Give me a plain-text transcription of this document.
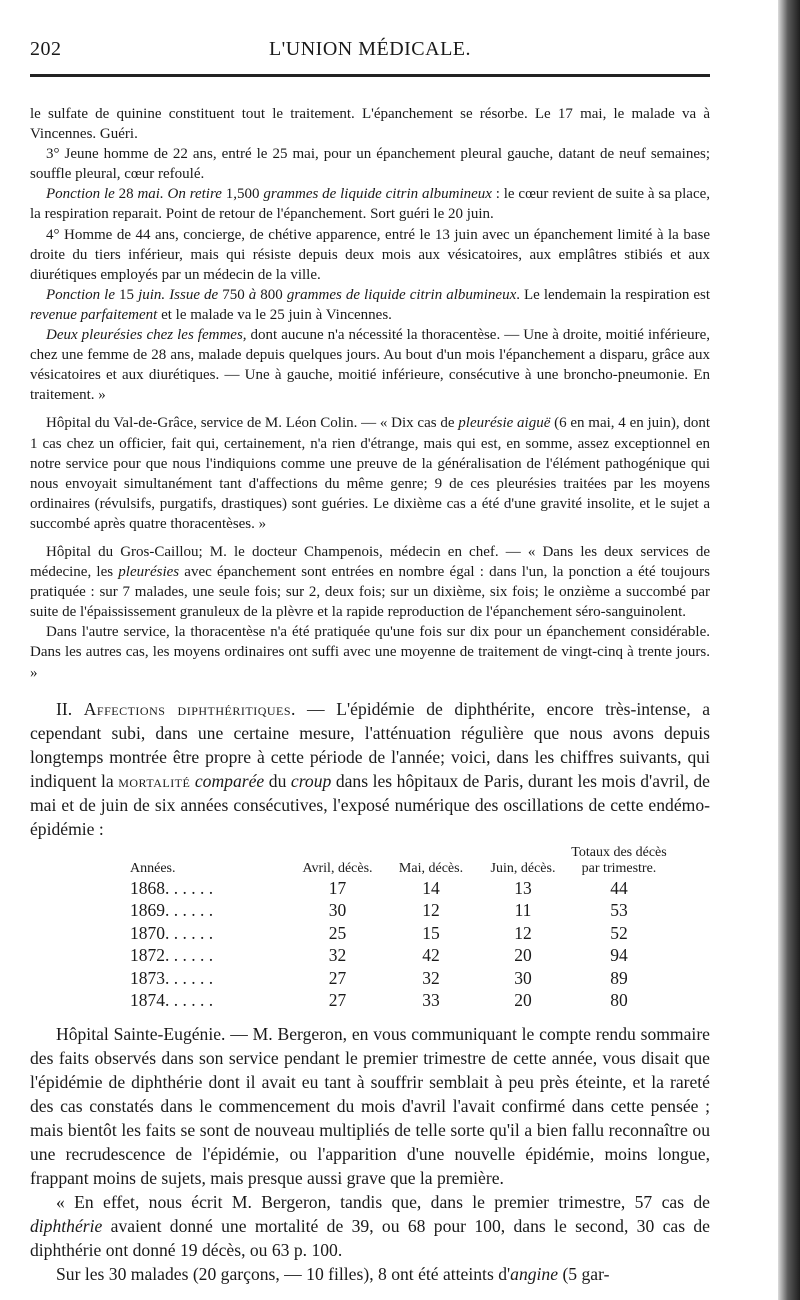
202	L'UNION MÉDICALE.

le sulfate de quinine constituent tout le traitement. L'épanchement se résorbe. Le 17 mai, le malade va à Vincennes. Guéri.

3° Jeune homme de 22 ans, entré le 25 mai, pour un épanchement pleural gauche, datant de neuf semaines; souffle pleural, cœur refoulé.

Ponction le 28 mai. On retire 1,500 grammes de liquide citrin albumineux : le cœur revient de suite à sa place, la respiration reparait. Point de retour de l'épanchement. Sort guéri le 20 juin.

4° Homme de 44 ans, concierge, de chétive apparence, entré le 13 juin avec un épanchement limité à la base droite du tiers inférieur, mais qui résiste depuis deux mois aux vésicatoires, aux emplâtres stibiés et aux diurétiques employés par un médecin de la ville.

Ponction le 15 juin. Issue de 750 à 800 grammes de liquide citrin albumineux. Le lendemain la respiration est revenue parfaitement et le malade va le 25 juin à Vincennes.

Deux pleurésies chez les femmes, dont aucune n'a nécessité la thoracentèse. — Une à droite, moitié inférieure, chez une femme de 28 ans, malade depuis quelques jours. Au bout d'un mois l'épanchement a disparu, grâce aux vésicatoires et aux diurétiques. — Une à gauche, moitié inférieure, consécutive à une broncho-pneumonie. En traitement. »

Hôpital du Val-de-Grâce, service de M. Léon Colin. — « Dix cas de pleurésie aiguë (6 en mai, 4 en juin), dont 1 cas chez un officier, fait qui, certainement, n'a rien d'étrange, mais qui est, en somme, assez exceptionnel en notre service pour que nous l'indiquions comme une preuve de la généralisation de l'élément pathogénique qui nous envoyait simultanément tant d'affections du même genre; 9 de ces pleurésies traitées par les moyens ordinaires (révulsifs, purgatifs, drastiques) sont guéries. Le dixième cas a été d'une gravité insolite, et le sujet a succombé après quatre thoracentèses. »

Hôpital du Gros-Caillou; M. le docteur Champenois, médecin en chef. — « Dans les deux services de médecine, les pleurésies avec épanchement sont entrées en nombre égal : dans l'un, la ponction a été toujours pratiquée : sur 7 malades, une seule fois; sur 2, deux fois; sur un dixième, six fois; le onzième a succombé par suite de l'épaississement granuleux de la plèvre et la rapide reproduction de l'épanchement séro-sanguinolent.

Dans l'autre service, la thoracentèse n'a été pratiquée qu'une fois sur dix pour un épanchement considérable. Dans les autres cas, les moyens ordinaires ont suffi avec une moyenne de traitement de vingt-cinq à trente jours. »

II. Affections diphthéritiques. — L'épidémie de diphthérite, encore très-intense, a cependant subi, dans une certaine mesure, l'atténuation régulière que nous avons depuis longtemps montrée être propre à cette période de l'année; voici, dans les chiffres suivants, qui indiquent la mortalité comparée du croup dans les hôpitaux de Paris, durant les mois d'avril, de mai et de juin de six années consécutives, l'exposé numérique des oscillations de cette endémo-épidémie :

				Totaux des décès
Années.	Avril, décès.	Mai, décès.	Juin, décès.	par trimestre.
1868. . . . . .	17	14	13	44
1869. . . . . .	30	12	11	53
1870. . . . . .	25	15	12	52
1872. . . . . .	32	42	20	94
1873. . . . . .	27	32	30	89
1874. . . . . .	27	33	20	80

Hôpital Sainte-Eugénie. — M. Bergeron, en vous communiquant le compte rendu sommaire des faits observés dans son service pendant le premier trimestre de cette année, vous disait que l'épidémie de diphthérie dont il avait eu tant à souffrir semblait à peu près éteinte, et la rareté des cas constatés dans le commencement du mois d'avril l'avait confirmé dans cette pensée ; mais bientôt les faits se sont de nouveau multipliés de telle sorte qu'il a bien fallu reconnaître ou une recrudescence de l'épidémie, ou l'apparition d'une nouvelle épidémie, moins longue, frappant moins de sujets, mais presque aussi grave que la première.

« En effet, nous écrit M. Bergeron, tandis que, dans le premier trimestre, 57 cas de diphthérie avaient donné une mortalité de 39, ou 68 pour 100, dans le second, 30 cas de diphthérie ont donné 19 décès, ou 63 p. 100.

Sur les 30 malades (20 garçons, — 10 filles), 8 ont été atteints d'angine (5 gar-
